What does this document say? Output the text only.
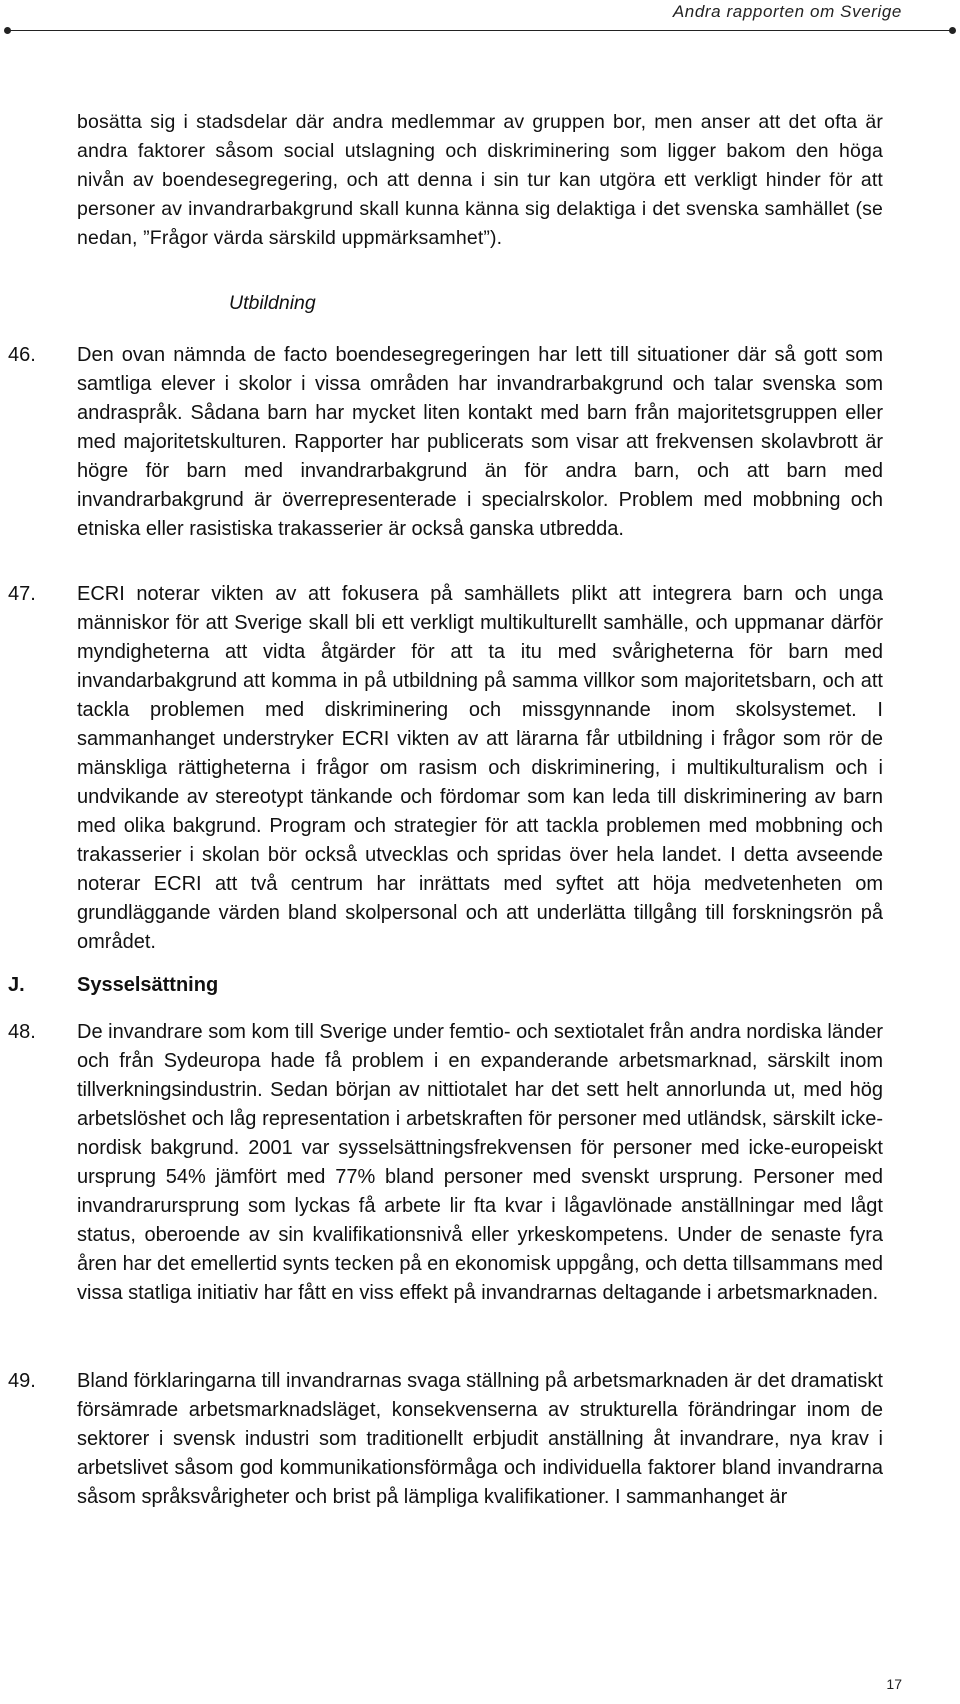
Andra rapporten om Sverige

bosätta sig i stadsdelar där andra medlemmar av gruppen bor, men anser att det ofta är andra faktorer såsom social utslagning och diskriminering som ligger bakom den höga nivån av boendesegregering, och att denna i sin tur kan utgöra ett verkligt hinder för att personer av invandrarbakgrund skall kunna känna sig delaktiga i det svenska samhället (se nedan, ”Frågor värda särskild uppmärksamhet”).

Utbildning

46. Den ovan nämnda de facto boendesegregeringen har lett till situationer där så gott som samtliga elever i skolor i vissa områden har invandrarbakgrund och talar svenska som andraspråk. Sådana barn har mycket liten kontakt med barn från majoritetsgruppen eller med majoritetskulturen. Rapporter har publicerats som visar att frekvensen skolavbrott är högre för barn med invandrarbakgrund än för andra barn, och att barn med invandrarbakgrund är överrepresenterade i specialrskolor. Problem med mobbning och etniska eller rasistiska trakasserier är också ganska utbredda.

47. ECRI noterar vikten av att fokusera på samhällets plikt att integrera barn och unga människor för att Sverige skall bli ett verkligt multikulturellt samhälle, och uppmanar därför myndigheterna att vidta åtgärder för att ta itu med svårigheterna för barn med invandarbakgrund att komma in på utbildning på samma villkor som majoritetsbarn, och att tackla problemen med diskriminering och missgynnande inom skolsystemet. I sammanhanget understryker ECRI vikten av att lärarna får utbildning i frågor som rör de mänskliga rättigheterna i frågor om rasism och diskriminering, i multikulturalism och i undvikande av stereotypt tänkande och fördomar som kan leda till diskriminering av barn med olika bakgrund. Program och strategier för att tackla problemen med mobbning och trakasserier i skolan bör också utvecklas och spridas över hela landet. I detta avseende noterar ECRI att två centrum har inrättats med syftet att höja medvetenheten om grundläggande värden bland skolpersonal och att underlätta tillgång till forskningsrön på området.

J.	Sysselsättning
48. De invandrare som kom till Sverige under femtio- och sextiotalet från andra nordiska länder och från Sydeuropa hade få problem i en expanderande arbetsmarknad, särskilt inom tillverkningsindustrin. Sedan början av nittiotalet har det sett helt annorlunda ut, med hög arbetslöshet och låg representation i arbetskraften för personer med utländsk, särskilt icke-nordisk bakgrund. 2001 var sysselsättningsfrekvensen för personer med icke-europeiskt ursprung 54% jämfört med 77% bland personer med svenskt ursprung. Personer med invandrarursprung som lyckas få arbete lir fta kvar i lågavlönade anställningar med lågt status, oberoende av sin kvalifikationsnivå eller yrkeskompetens. Under de senaste fyra åren har det emellertid synts tecken på en ekonomisk uppgång, och detta tillsammans med vissa statliga initiativ har fått en viss effekt på invandrarnas deltagande i arbetsmarknaden.

49. Bland förklaringarna till invandrarnas svaga ställning på arbetsmarknaden är det dramatiskt försämrade arbetsmarknadsläget, konsekvenserna av strukturella förändringar inom de sektorer i svensk industri som traditionellt erbjudit anställning åt invandrare, nya krav i arbetslivet såsom god kommunikationsförmåga och individuella faktorer bland invandrarna såsom språksvårigheter och brist på lämpliga kvalifikationer. I sammanhanget är

17
